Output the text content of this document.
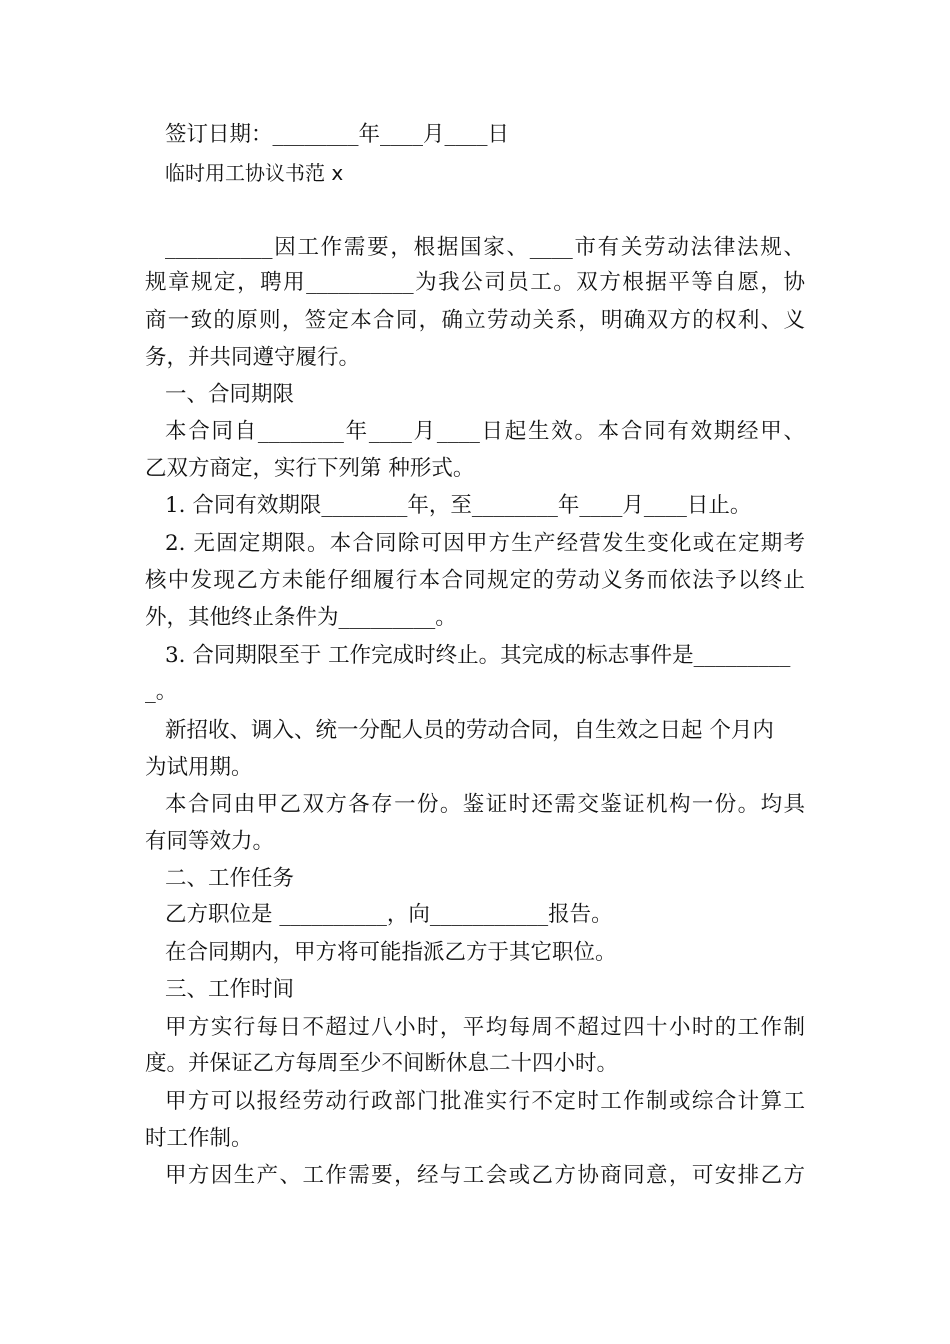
签订日期：________年____月____日
临时用工协议书范 x
__________因工作需要，根据国家、____市有关劳动法律法规、
规章规定，聘用__________为我公司员工。双方根据平等自愿，协
商一致的原则，签定本合同，确立劳动关系，明确双方的权利、义
务，并共同遵守履行。
一、合同期限
本合同自________年____月____日起生效。本合同有效期经甲、
乙双方商定，实行下列第 种形式。
1. 合同有效期限________年，至________年____月____日止。
2. 无固定期限。本合同除可因甲方生产经营发生变化或在定期考
核中发现乙方未能仔细履行本合同规定的劳动义务而依法予以终止
外，其他终止条件为_________。
3. 合同期限至于 工作完成时终止。其完成的标志事件是_________
_。
新招收、调入、统一分配人员的劳动合同，自生效之日起 个月内
为试用期。
本合同由甲乙双方各存一份。鉴证时还需交鉴证机构一份。均具
有同等效力。
二、工作任务
乙方职位是 __________，向___________报告。
在合同期内，甲方将可能指派乙方于其它职位。
三、工作时间
甲方实行每日不超过八小时，平均每周不超过四十小时的工作制
度。并保证乙方每周至少不间断休息二十四小时。
甲方可以报经劳动行政部门批准实行不定时工作制或综合计算工
时工作制。
甲方因生产、工作需要，经与工会或乙方协商同意，可安排乙方
